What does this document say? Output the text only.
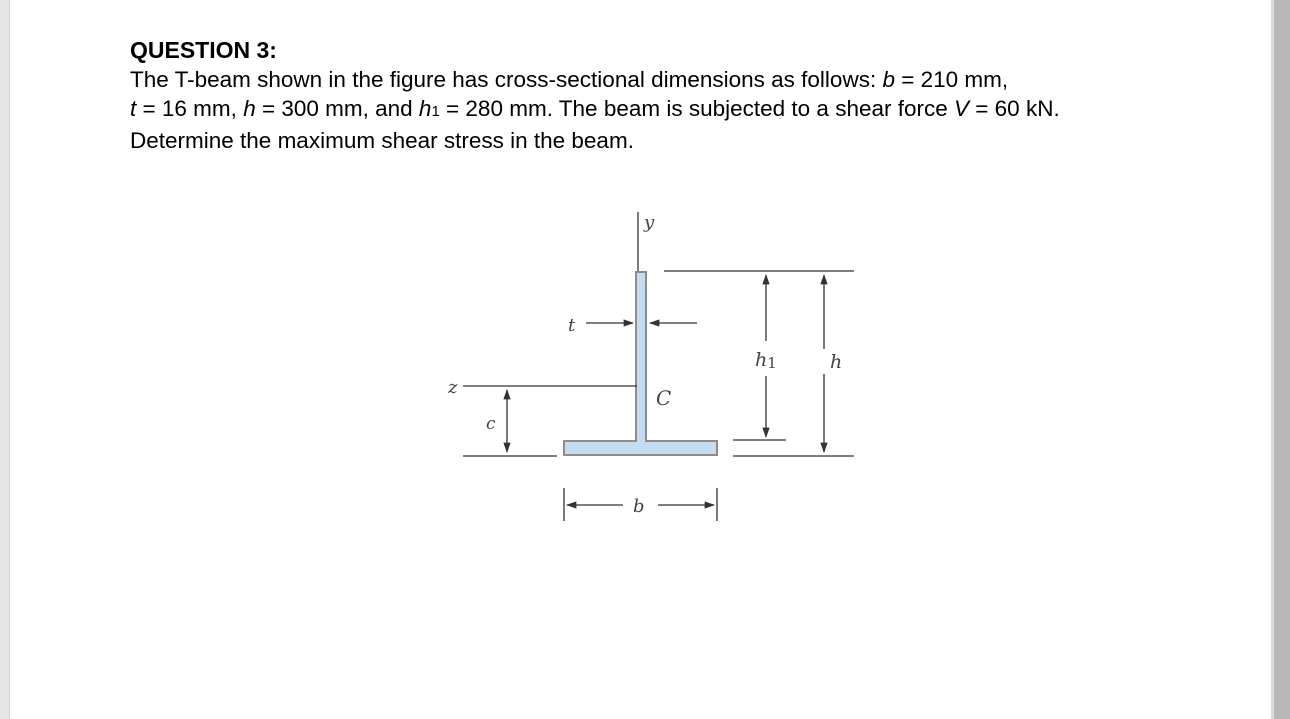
QUESTION 3:
The T-beam shown in the figure has cross-sectional dimensions as follows: b = 210 mm,
t = 16 mm, h = 300 mm, and h1 = 280 mm. The beam is subjected to a shear force V = 60 kN.
Determine the maximum shear stress in the beam.
y
z
t
C
c
b
h1	h
